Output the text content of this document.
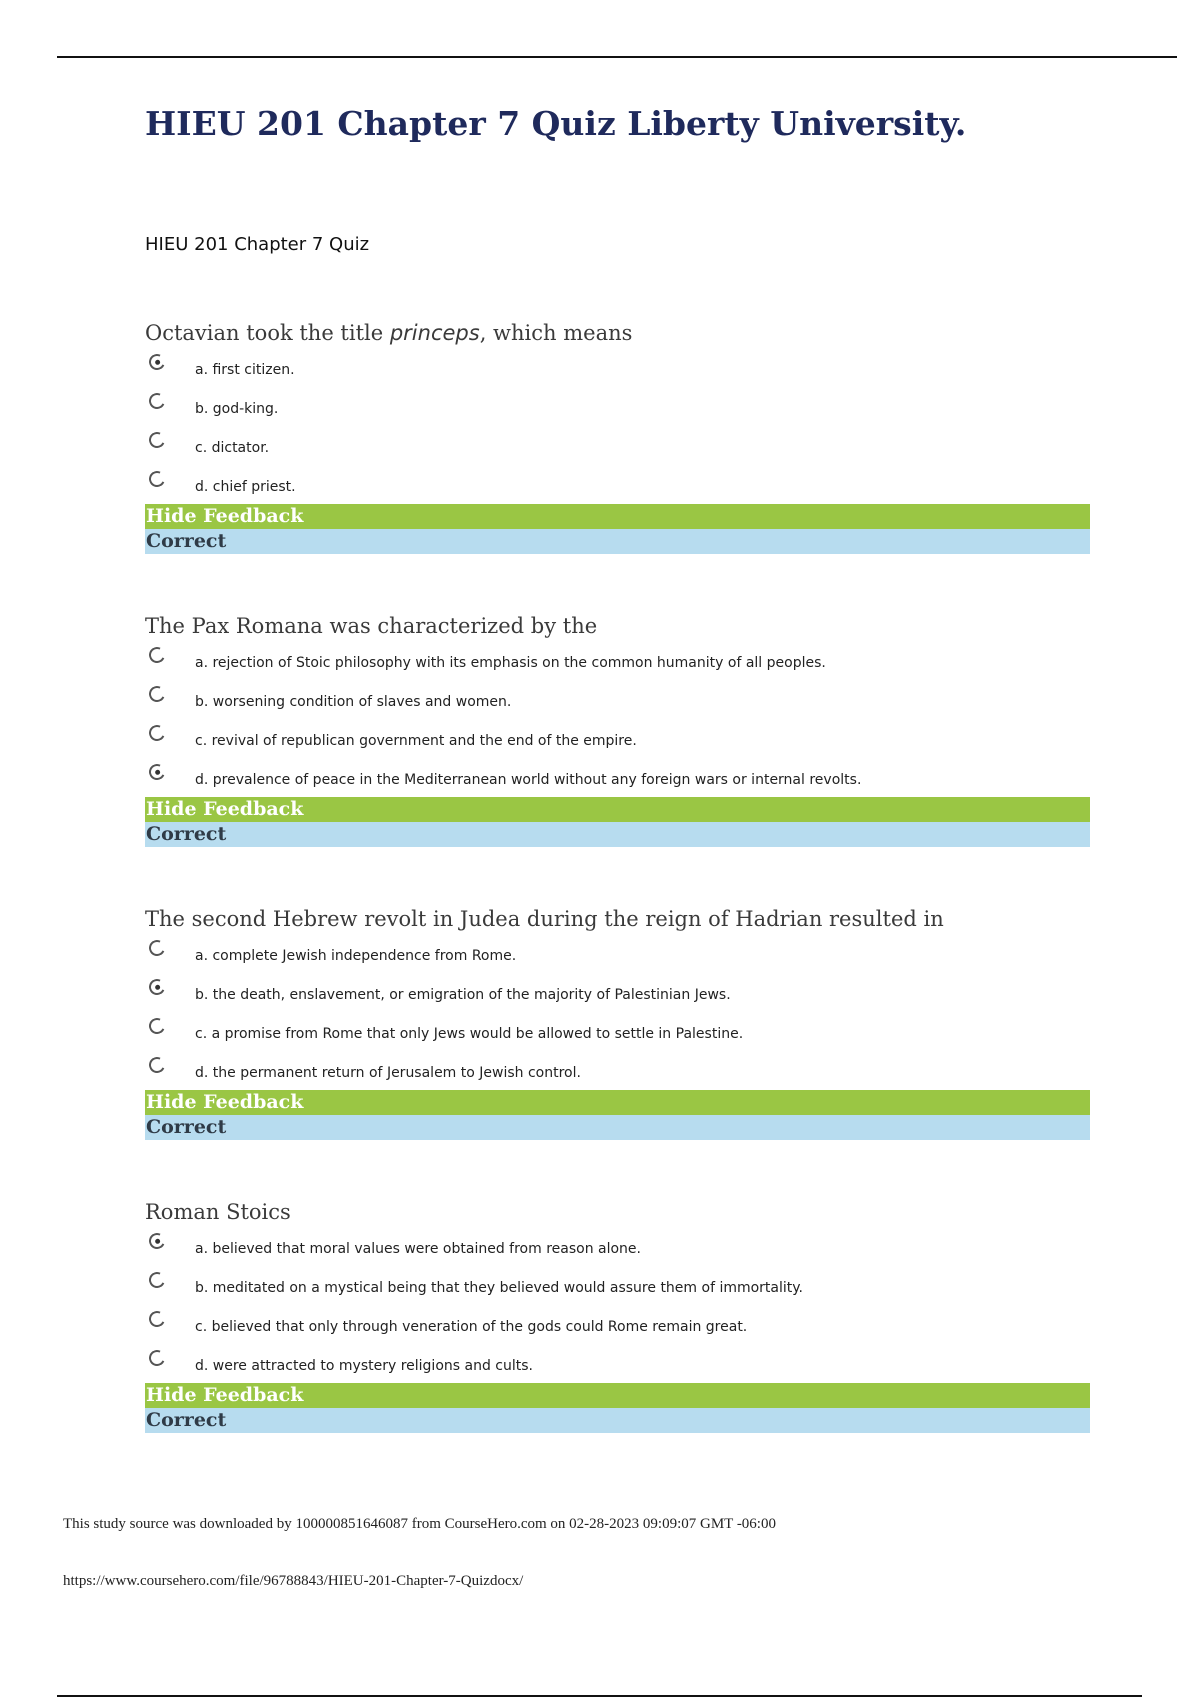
HIEU 201 Chapter 7 Quiz Liberty University.
HIEU 201 Chapter 7 Quiz
Octavian took the title princeps, which means
a. first citizen.
b. god-king.
c. dictator.
d. chief priest.
Hide Feedback
Correct
The Pax Romana was characterized by the
a. rejection of Stoic philosophy with its emphasis on the common humanity of all peoples.
b. worsening condition of slaves and women.
c. revival of republican government and the end of the empire.
d. prevalence of peace in the Mediterranean world without any foreign wars or internal revolts.
Hide Feedback
Correct
The second Hebrew revolt in Judea during the reign of Hadrian resulted in
a. complete Jewish independence from Rome.
b. the death, enslavement, or emigration of the majority of Palestinian Jews.
c. a promise from Rome that only Jews would be allowed to settle in Palestine.
d. the permanent return of Jerusalem to Jewish control.
Hide Feedback
Correct
Roman Stoics
a. believed that moral values were obtained from reason alone.
b. meditated on a mystical being that they believed would assure them of immortality.
c. believed that only through veneration of the gods could Rome remain great.
d. were attracted to mystery religions and cults.
Hide Feedback
Correct
This study source was downloaded by 100000851646087 from CourseHero.com on 02-28-2023 09:09:07 GMT -06:00
https://www.coursehero.com/file/96788843/HIEU-201-Chapter-7-Quizdocx/
